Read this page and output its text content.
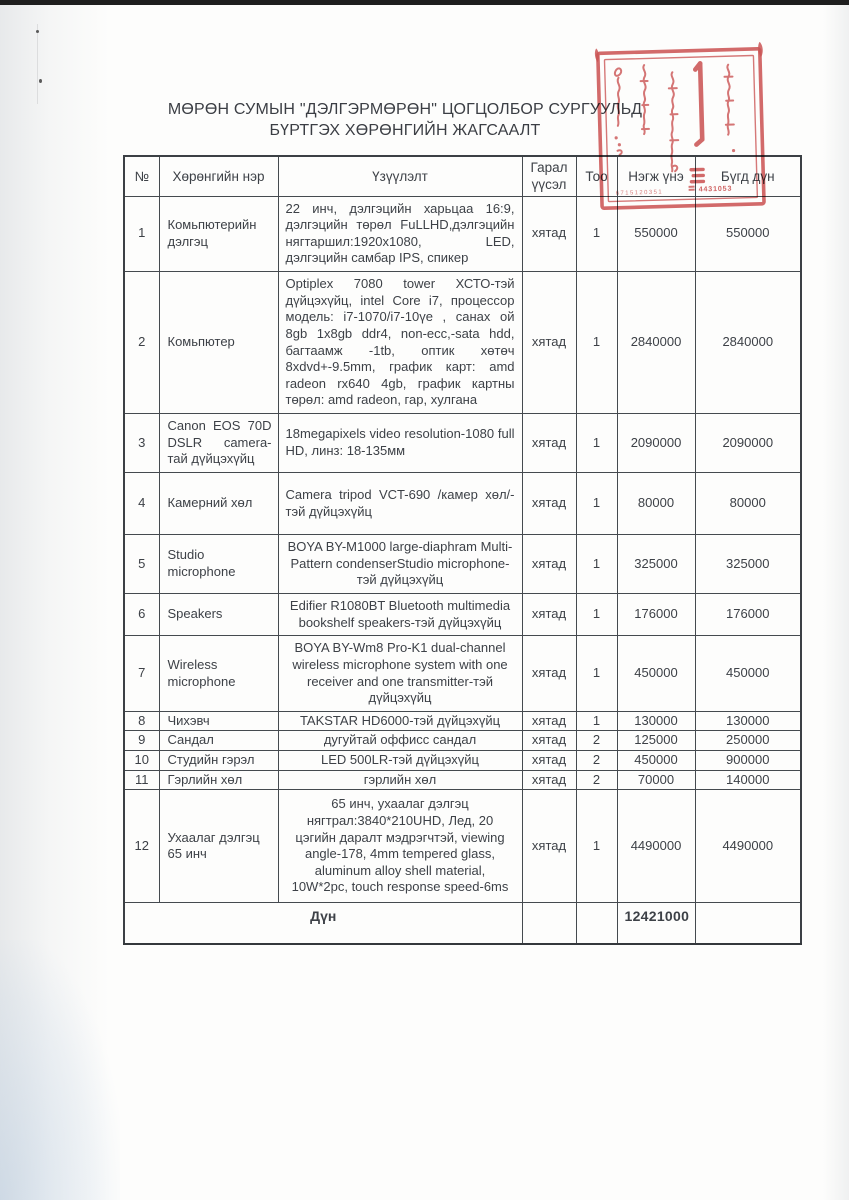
МӨРӨН СУМЫН "ДЭЛГЭРМӨРӨН" ЦОГЦОЛБОР СУРГУУЛЬД
БҮРТГЭХ ХӨРӨНГИЙН ЖАГСААЛТ
№	Хөрөнгийн нэр	Үзүүлэлт	Гарал үүсэл	Тоо	Нэгж үнэ	Бүгд дүн
1	Комьпютерийн дэлгэц	22 инч, дэлгэцийн харьцаа 16:9, дэлгэцийн төрөл FuLLHD,дэлгэцийн нягтаршил:1920x1080, LED, дэлгэцийн самбар IPS, спикер	хятад	1	550000	550000
2	Комьпютер	Optiplex 7080 tower ХСТО-тэй дүйцэхүйц, intel Core i7, процессор модель: i7-1070/i7-10үе , санах ой 8gb 1x8gb ddr4, non-ecc,-sata hdd, багтаамж -1tb, оптик хөтөч 8xdvd+-9.5mm, график карт: amd radeon rx640 4gb, график картны төрөл: amd radeon, гар, хулгана	хятад	1	2840000	2840000
3	Canon EOS 70D DSLR camera-тай дүйцэхүйц	18megapixels video resolution-1080 full HD, линз: 18-135мм	хятад	1	2090000	2090000
4	Камерний хөл	Camera tripod VCT-690 /камер хөл/-тэй дүйцэхүйц	хятад	1	80000	80000
5	Studio microphone	BOYA BY-M1000 large-diaphram Multi-Pattern condenserStudio microphone-тэй дүйцэхүйц	хятад	1	325000	325000
6	Speakers	Edifier R1080BT Bluetooth multimedia bookshelf speakers-тэй дүйцэхүйц	хятад	1	176000	176000
7	Wireless microphone	BOYA BY-Wm8 Pro-K1 dual-channel wireless microphone system with one receiver and one transmitter-тэй дүйцэхүйц	хятад	1	450000	450000
8	Чихэвч	TAKSTAR HD6000-тэй дүйцэхүйц	хятад	1	130000	130000
9	Сандал	дугуйтай оффисс сандал	хятад	2	125000	250000
10	Студийн гэрэл	LED 500LR-тэй дүйцэхүйц	хятад	2	450000	900000
11	Гэрлийн хөл	гэрлийн хөл	хятад	2	70000	140000
12	Ухаалаг дэлгэц 65 инч	65 инч, ухаалаг дэлгэц нягтрал:3840*210UHD, Лед, 20 цэгийн даралт мэдрэгчтэй, viewing angle-178, 4mm tempered glass, aluminum alloy shell material, 10W*2pc, touch response speed-6ms	хятад	1	4490000	4490000
Дүн					12421000	
6715120351	4431053
